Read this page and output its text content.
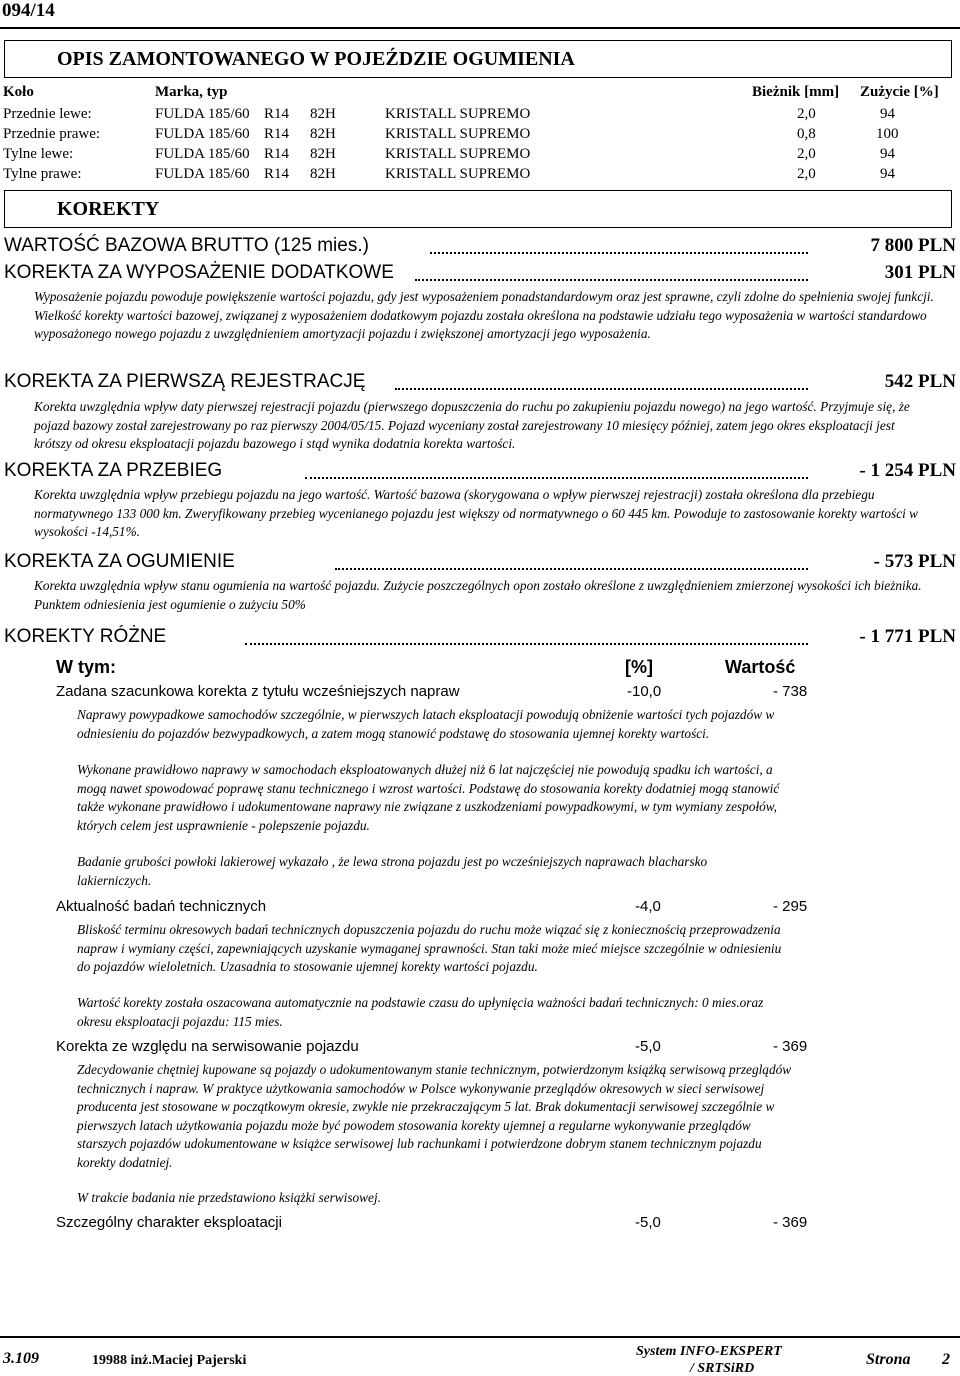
094/14
OPIS ZAMONTOWANEGO W POJEŹDZIE OGUMIENIA
Koło	Marka, typ	Bieżnik [mm] Zużycie [%]
Przednie lewe:	FULDA 185/60 R14 82H	KRISTALL SUPREMO	2,0	94
Przednie prawe:	FULDA 185/60 R14 82H	KRISTALL SUPREMO	0,8	100
Tylne lewe:	FULDA 185/60 R14 82H	KRISTALL SUPREMO	2,0	94
Tylne prawe:	FULDA 185/60 R14 82H	KRISTALL SUPREMO	2,0	94
KOREKTY
WARTOŚĆ BAZOWA BRUTTO (125 mies.)	7 800 PLN
KOREKTA ZA WYPOSAŻENIE DODATKOWE	301 PLN
Wyposażenie pojazdu powoduje powiększenie wartości pojazdu, gdy jest wyposażeniem ponadstandardowym oraz jest sprawne, czyli zdolne do spełnienia swojej funkcji. Wielkość korekty wartości bazowej, związanej z wyposażeniem dodatkowym pojazdu została określona na podstawie udziału tego wyposażenia w wartości standardowo wyposażonego nowego pojazdu z uwzględnieniem amortyzacji pojazdu i zwiększonej amortyzacji jego wyposażenia.
KOREKTA ZA PIERWSZĄ REJESTRACJĘ	542 PLN
Korekta uwzględnia wpływ daty pierwszej rejestracji pojazdu (pierwszego dopuszczenia do ruchu po zakupieniu pojazdu nowego) na jego wartość. Przyjmuje się, że pojazd bazowy został zarejestrowany po raz pierwszy 2004/05/15. Pojazd wyceniany został zarejestrowany 10 miesięcy później, zatem jego okres eksploatacji jest krótszy od okresu eksploatacji pojazdu bazowego i stąd wynika dodatnia korekta wartości.
KOREKTA ZA PRZEBIEG	- 1 254 PLN
Korekta uwzględnia wpływ przebiegu pojazdu na jego wartość. Wartość bazowa (skorygowana o wpływ pierwszej rejestracji) została określona dla przebiegu normatywnego 133 000 km. Zweryfikowany przebieg wycenianego pojazdu jest większy od normatywnego o 60 445 km. Powoduje to zastosowanie korekty wartości w wysokości -14,51%.
KOREKTA ZA OGUMIENIE	- 573 PLN
Korekta uwzględnia wpływ stanu ogumienia na wartość pojazdu. Zużycie poszczególnych opon zostało określone z uwzględnieniem zmierzonej wysokości ich bieżnika. Punktem odniesienia jest ogumienie o zużyciu 50%
KOREKTY RÓŻNE	- 1 771 PLN
W tym:	[%]	Wartość
Zadana szacunkowa korekta z tytułu wcześniejszych napraw	-10,0	- 738
Naprawy powypadkowe samochodów szczególnie, w pierwszych latach eksploatacji powodują obniżenie wartości tych pojazdów w odniesieniu do pojazdów bezwypadkowych, a zatem mogą stanowić podstawę do stosowania ujemnej korekty wartości.
Wykonane prawidłowo naprawy w samochodach eksploatowanych dłużej niż 6 lat najczęściej nie powodują spadku ich wartości, a mogą nawet spowodować poprawę stanu technicznego i wzrost wartości. Podstawę do stosowania korekty dodatniej mogą stanowić także wykonane prawidłowo i udokumentowane naprawy nie związane z uszkodzeniami powypadkowymi, w tym wymiany zespołów, których celem jest usprawnienie - polepszenie pojazdu.
Badanie grubości powłoki lakierowej wykazało , że lewa strona pojazdu jest po wcześniejszych naprawach blacharsko lakierniczych.
Aktualność badań technicznych	-4,0	- 295
Bliskość terminu okresowych badań technicznych dopuszczenia pojazdu do ruchu może wiązać się z koniecznością przeprowadzenia napraw i wymiany części, zapewniających uzyskanie wymaganej sprawności. Stan taki może mieć miejsce szczególnie w odniesieniu do pojazdów wieloletnich. Uzasadnia to stosowanie ujemnej korekty wartości pojazdu.
Wartość korekty została oszacowana automatycznie na podstawie czasu do upłynięcia ważności badań technicznych: 0 mies.oraz okresu eksploatacji pojazdu: 115 mies.
Korekta ze względu na serwisowanie pojazdu	-5,0	- 369
Zdecydowanie chętniej kupowane są pojazdy o udokumentowanym stanie technicznym, potwierdzonym książką serwisową przeglądów technicznych i napraw. W praktyce użytkowania samochodów w Polsce wykonywanie przeglądów okresowych w sieci serwisowej producenta jest stosowane w początkowym okresie, zwykle nie przekraczającym 5 lat. Brak dokumentacji serwisowej szczególnie w pierwszych latach użytkowania pojazdu może być powodem stosowania korekty ujemnej a regularne wykonywanie przeglądów starszych pojazdów udokumentowane w książce serwisowej lub rachunkami i potwierdzone dobrym stanem technicznym pojazdu korekty dodatniej.
W trakcie badania nie przedstawiono książki serwisowej.
Szczególny charakter eksploatacji	-5,0	- 369
3.109	19988 inż.Maciej Pajerski
System INFO-EKSPERT
/ SRTSiRD
Strona 2
